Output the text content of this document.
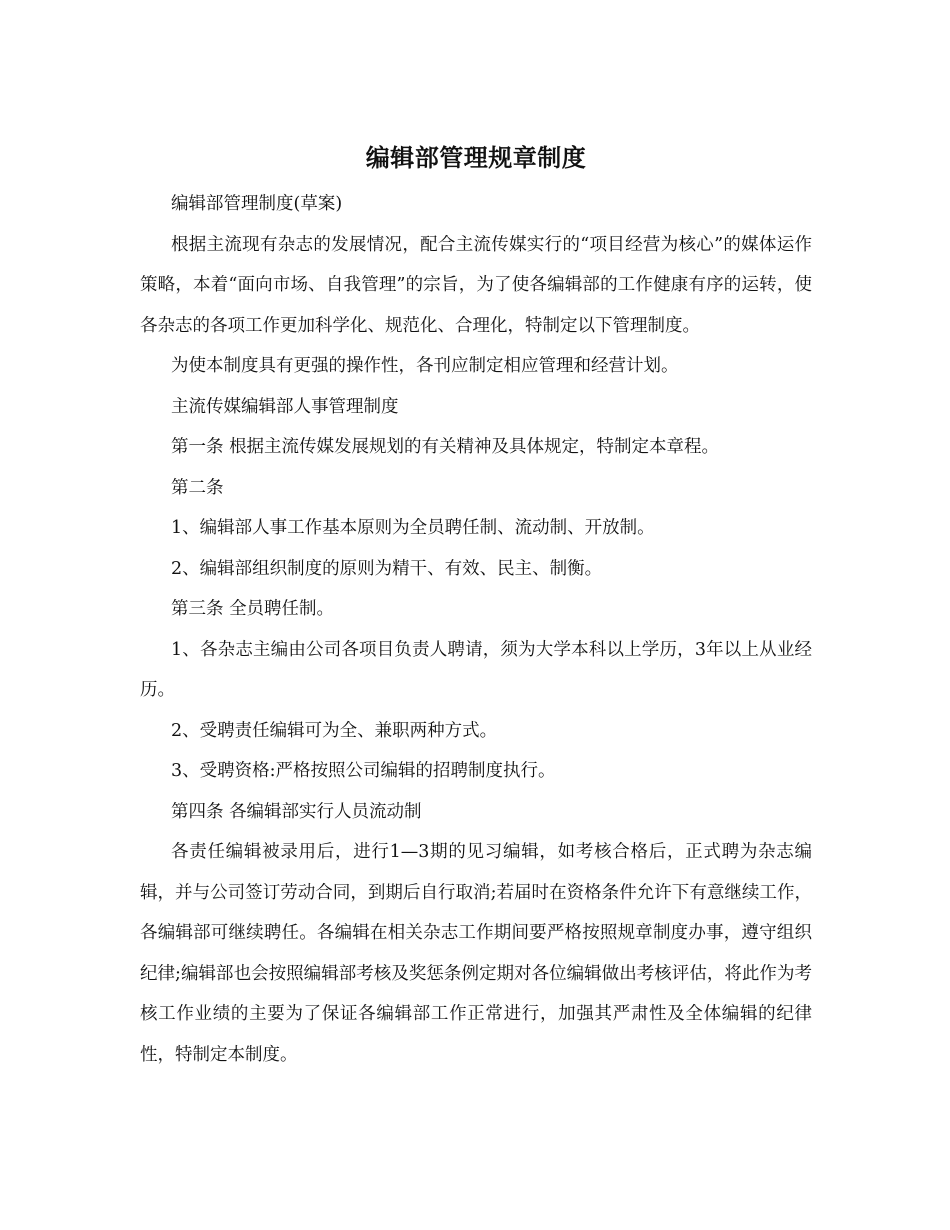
编辑部管理规章制度

编辑部管理制度(草案)

根据主流现有杂志的发展情况，配合主流传媒实行的“项目经营为核心”的媒体运作策略，本着“面向市场、自我管理”的宗旨，为了使各编辑部的工作健康有序的运转，使各杂志的各项工作更加科学化、规范化、合理化，特制定以下管理制度。

为使本制度具有更强的操作性，各刊应制定相应管理和经营计划。

主流传媒编辑部人事管理制度

第一条 根据主流传媒发展规划的有关精神及具体规定，特制定本章程。

第二条

1、编辑部人事工作基本原则为全员聘任制、流动制、开放制。

2、编辑部组织制度的原则为精干、有效、民主、制衡。

第三条 全员聘任制。

1、各杂志主编由公司各项目负责人聘请，须为大学本科以上学历，3年以上从业经历。

2、受聘责任编辑可为全、兼职两种方式。

3、受聘资格:严格按照公司编辑的招聘制度执行。

第四条 各编辑部实行人员流动制

各责任编辑被录用后，进行1—3期的见习编辑，如考核合格后，正式聘为杂志编辑，并与公司签订劳动合同，到期后自行取消;若届时在资格条件允许下有意继续工作，各编辑部可继续聘任。各编辑在相关杂志工作期间要严格按照规章制度办事，遵守组织纪律;编辑部也会按照编辑部考核及奖惩条例定期对各位编辑做出考核评估，将此作为考核工作业绩的主要为了保证各编辑部工作正常进行，加强其严肃性及全体编辑的纪律性，特制定本制度。
